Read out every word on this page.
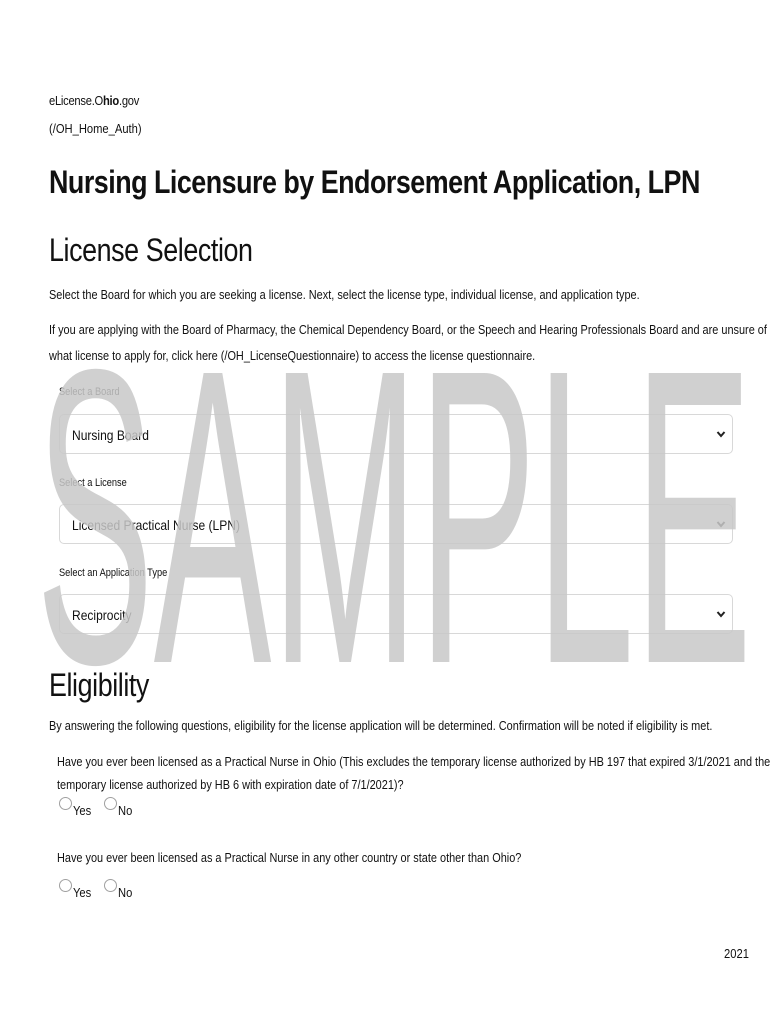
eLicense.Ohio.gov
(/OH_Home_Auth)
Nursing Licensure by Endorsement Application, LPN
License Selection
Select the Board for which you are seeking a license. Next, select the license type, individual license, and application type.
If you are applying with the Board of Pharmacy, the Chemical Dependency Board, or the Speech and Hearing Professionals Board and are unsure of
what license to apply for, click here (/OH_LicenseQuestionnaire) to access the license questionnaire.
Select a Board
Nursing Board
Select a License
Licensed Practical Nurse (LPN)
Select an Application Type
Reciprocity
Eligibility
By answering the following questions, eligibility for the license application will be determined. Confirmation will be noted if eligibility is met.
Have you ever been licensed as a Practical Nurse in Ohio (This excludes the temporary license authorized by HB 197 that expired 3/1/2021 and the
temporary license authorized by HB 6 with expiration date of 7/1/2021)?
Yes No
Have you ever been licensed as a Practical Nurse in any other country or state other than Ohio?
Yes No
2021
SAMPLE
